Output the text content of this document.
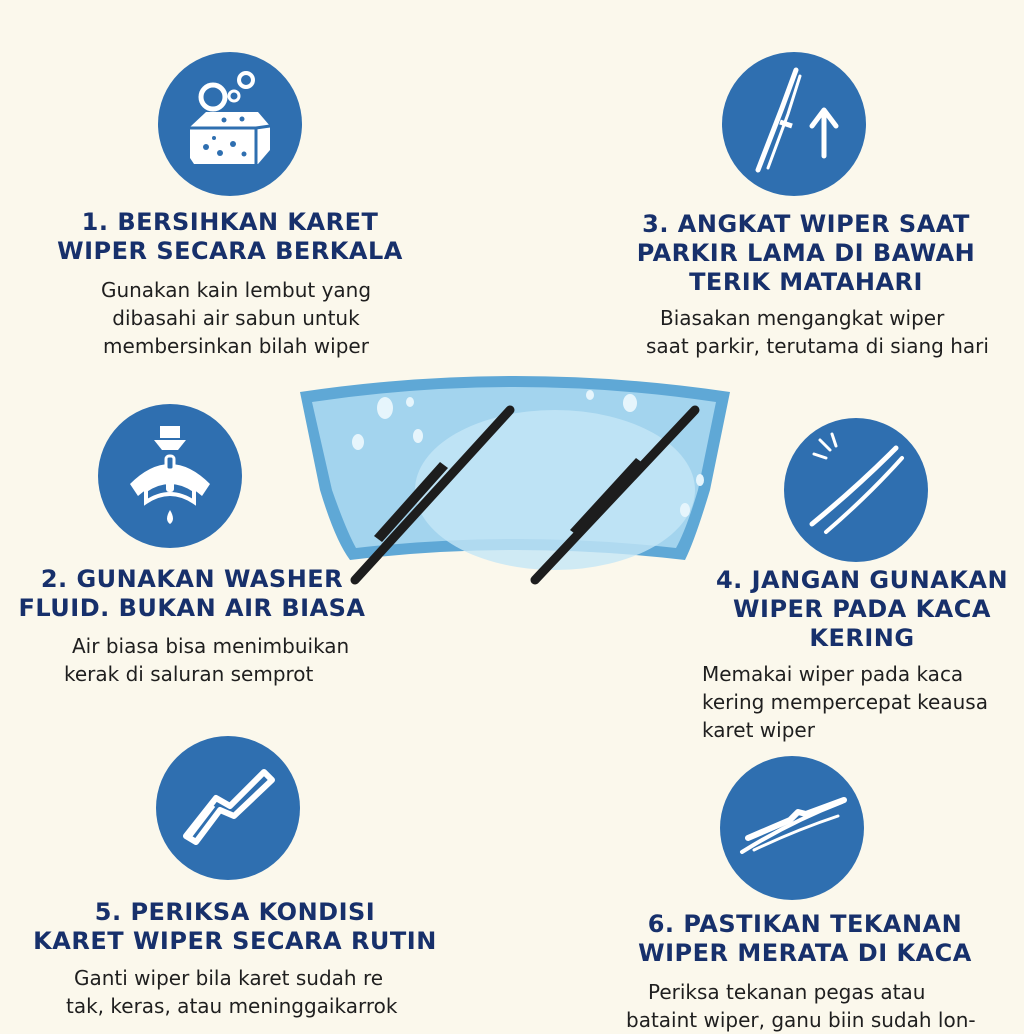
1. BERSIHKAN KARET
WIPER SECARA BERKALA
Gunakan kain lembut yang
dibasahi air sabun untuk
membersinkan bilah wiper
2. GUNAKAN WASHER
FLUID. BUKAN AIR BIASA
Air biasa bisa menimbuikan
kerak di saluran semprot
3. ANGKAT WIPER SAAT
PARKIR LAMA DI BAWAH
TERIK MATAHARI
Biasakan mengangkat wiper
saat parkir, terutama di siang hari
4. JANGAN GUNAKAN
WIPER PADA KACA
KERING
Memakai wiper pada kaca
kering mempercepat keausa
karet wiper
5. PERIKSA KONDISI
KARET WIPER SECARA RUTIN
Ganti wiper bila karet sudah re
tak, keras, atau meninggaikarrok
6. PASTIKAN TEKANAN
WIPER MERATA DI KACA
Periksa tekanan pegas atau
bataint wiper, ganu biin sudah lon-
